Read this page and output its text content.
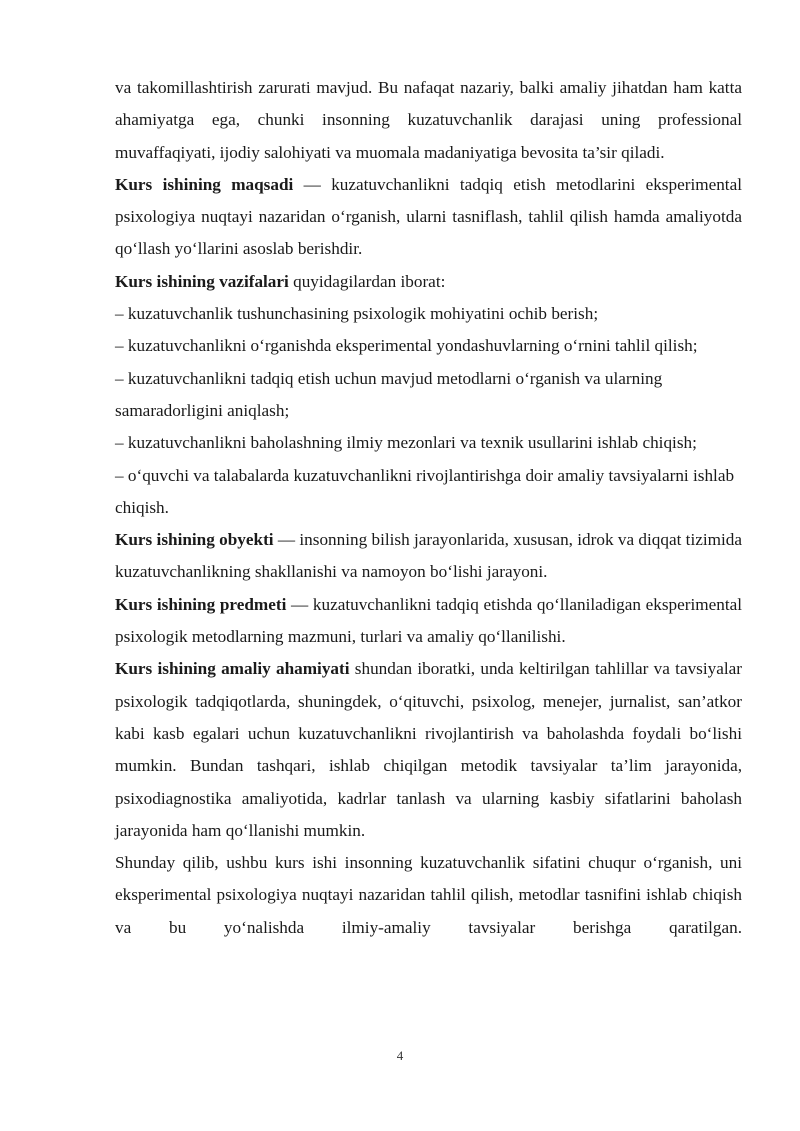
va takomillashtirish zarurati mavjud. Bu nafaqat nazariy, balki amaliy jihatdan ham katta ahamiyatga ega, chunki insonning kuzatuvchanlik darajasi uning professional muvaffaqiyati, ijodiy salohiyati va muomala madaniyatiga bevosita ta’sir qiladi.

Kurs ishining maqsadi — kuzatuvchanlikni tadqiq etish metodlarini eksperimental psixologiya nuqtayi nazaridan o‘rganish, ularni tasniflash, tahlil qilish hamda amaliyotda qo‘llash yo‘llarini asoslab berishdir.

Kurs ishining vazifalari quyidagilardan iborat:

– kuzatuvchanlik tushunchasining psixologik mohiyatini ochib berish;

– kuzatuvchanlikni o‘rganishda eksperimental yondashuvlarning o‘rnini tahlil qilish;

– kuzatuvchanlikni tadqiq etish uchun mavjud metodlarni o‘rganish va ularning samaradorligini aniqlash;

– kuzatuvchanlikni baholashning ilmiy mezonlari va texnik usullarini ishlab chiqish;

– o‘quvchi va talabalarda kuzatuvchanlikni rivojlantirishga doir amaliy tavsiyalarni ishlab chiqish.

Kurs ishining obyekti — insonning bilish jarayonlarida, xususan, idrok va diqqat tizimida kuzatuvchanlikning shakllanishi va namoyon bo‘lishi jarayoni.

Kurs ishining predmeti — kuzatuvchanlikni tadqiq etishda qo‘llaniladigan eksperimental psixologik metodlarning mazmuni, turlari va amaliy qo‘llanilishi.

Kurs ishining amaliy ahamiyati shundan iboratki, unda keltirilgan tahlillar va tavsiyalar psixologik tadqiqotlarda, shuningdek, o‘qituvchi, psixolog, menejer, jurnalist, san’atkor kabi kasb egalari uchun kuzatuvchanlikni rivojlantirish va baholashda foydali bo‘lishi mumkin. Bundan tashqari, ishlab chiqilgan metodik tavsiyalar ta’lim jarayonida, psixodiagnostika amaliyotida, kadrlar tanlash va ularning kasbiy sifatlarini baholash jarayonida ham qo‘llanishi mumkin.

Shunday qilib, ushbu kurs ishi insonning kuzatuvchanlik sifatini chuqur o‘rganish, uni eksperimental psixologiya nuqtayi nazaridan tahlil qilish, metodlar tasnifini ishlab chiqish va bu yo‘nalishda ilmiy-amaliy tavsiyalar berishga qaratilgan.

4
